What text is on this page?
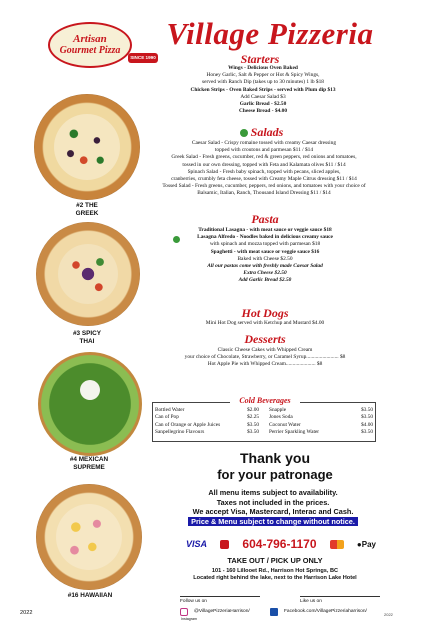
Artisan
Gourmet Pizza
SINCE 1990
Village Pizzeria
#2 THE
GREEK
#3 SPICY
THAI
#4 MEXICAN
SUPREME
#16 HAWAIIAN
Starters
Wings - Delicious Oven Baked
Honey Garlic, Salt & Pepper or Hot & Spicy Wings,
served with Ranch Dip (takes up to 30 minutes) 1 lb $18
Chicken Strips - Oven Baked Strips - served with Plum dip $13
Add Caesar Salad $3
Garlic Bread - $2.50
Cheese Bread - $4.00
Salads
Caesar Salad - Crispy romaine tossed with creamy Caesar dressing
topped with croutons and parmesan $11 / $14
Greek Salad - Fresh greens, cucumber, red & green peppers, red onions and tomatoes,
tossed in our own dressing, topped with Feta and Kalamata olives $11 / $14
Spinach Salad - Fresh baby spinach, topped with pecans, sliced apples,
cranberries, crumbly feta cheese, tossed with Creamy Maple Citrus dressing $11 / $14
Tossed Salad - Fresh greens, cucumber, peppers, red onions, and tomatoes with your choice of
Balsamic, Italian, Ranch, Thousand Island Dressing $11 / $14
Pasta
Traditional Lasagna - with meat sauce or veggie sauce $18
Lasagna Alfredo - Noodles baked in delicious creamy sauce
with spinach and mozza topped with parmesan $18
Spaghetti - with meat sauce or veggie sauce $16
Baked with Cheese $2.50
All our pastas come with freshly made Caesar Salad
Extra Cheese $2.50
Add Garlic Bread $2.50
Hot Dogs
Mini Hot Dog served with Ketchup and Mustard $4.00
Desserts
Classic Cheese Cakes with Whipped Cream
your choice of Chocolate, Strawberry, or Caramel Syrup........................ $8
Hot Apple Pie with Whipped Cream...................... $8
Bottled Water	$2.00
Can of Pop	$2.25
Can of Orange or Apple Juices	$3.50
Sanpellegrino Flavours	$3.50
Snapple	$3.50
Jones Soda	$3.50
Coconut Water	$4.00
Perrier Sparkling Water	$3.50
Cold Beverages
Thank you
for your patronage
All menu items subject to availability.
Taxes not included in the prices.
We accept Visa, Mastercard, Interac and Cash.
Price & Menu subject to change without notice.
VISA	604-796-1170	●Pay
TAKE OUT / PICK UP ONLY
101 - 160 Lillooet Rd., Harrison Hot Springs, BC
Located right behind the lake, next to the Harrison Lake Hotel
Follow us on	Like us on
@VillagePizzeriaHarrison/	Facebook.com/VillagePizzeriaharrison/
Instagram
2022	2022
